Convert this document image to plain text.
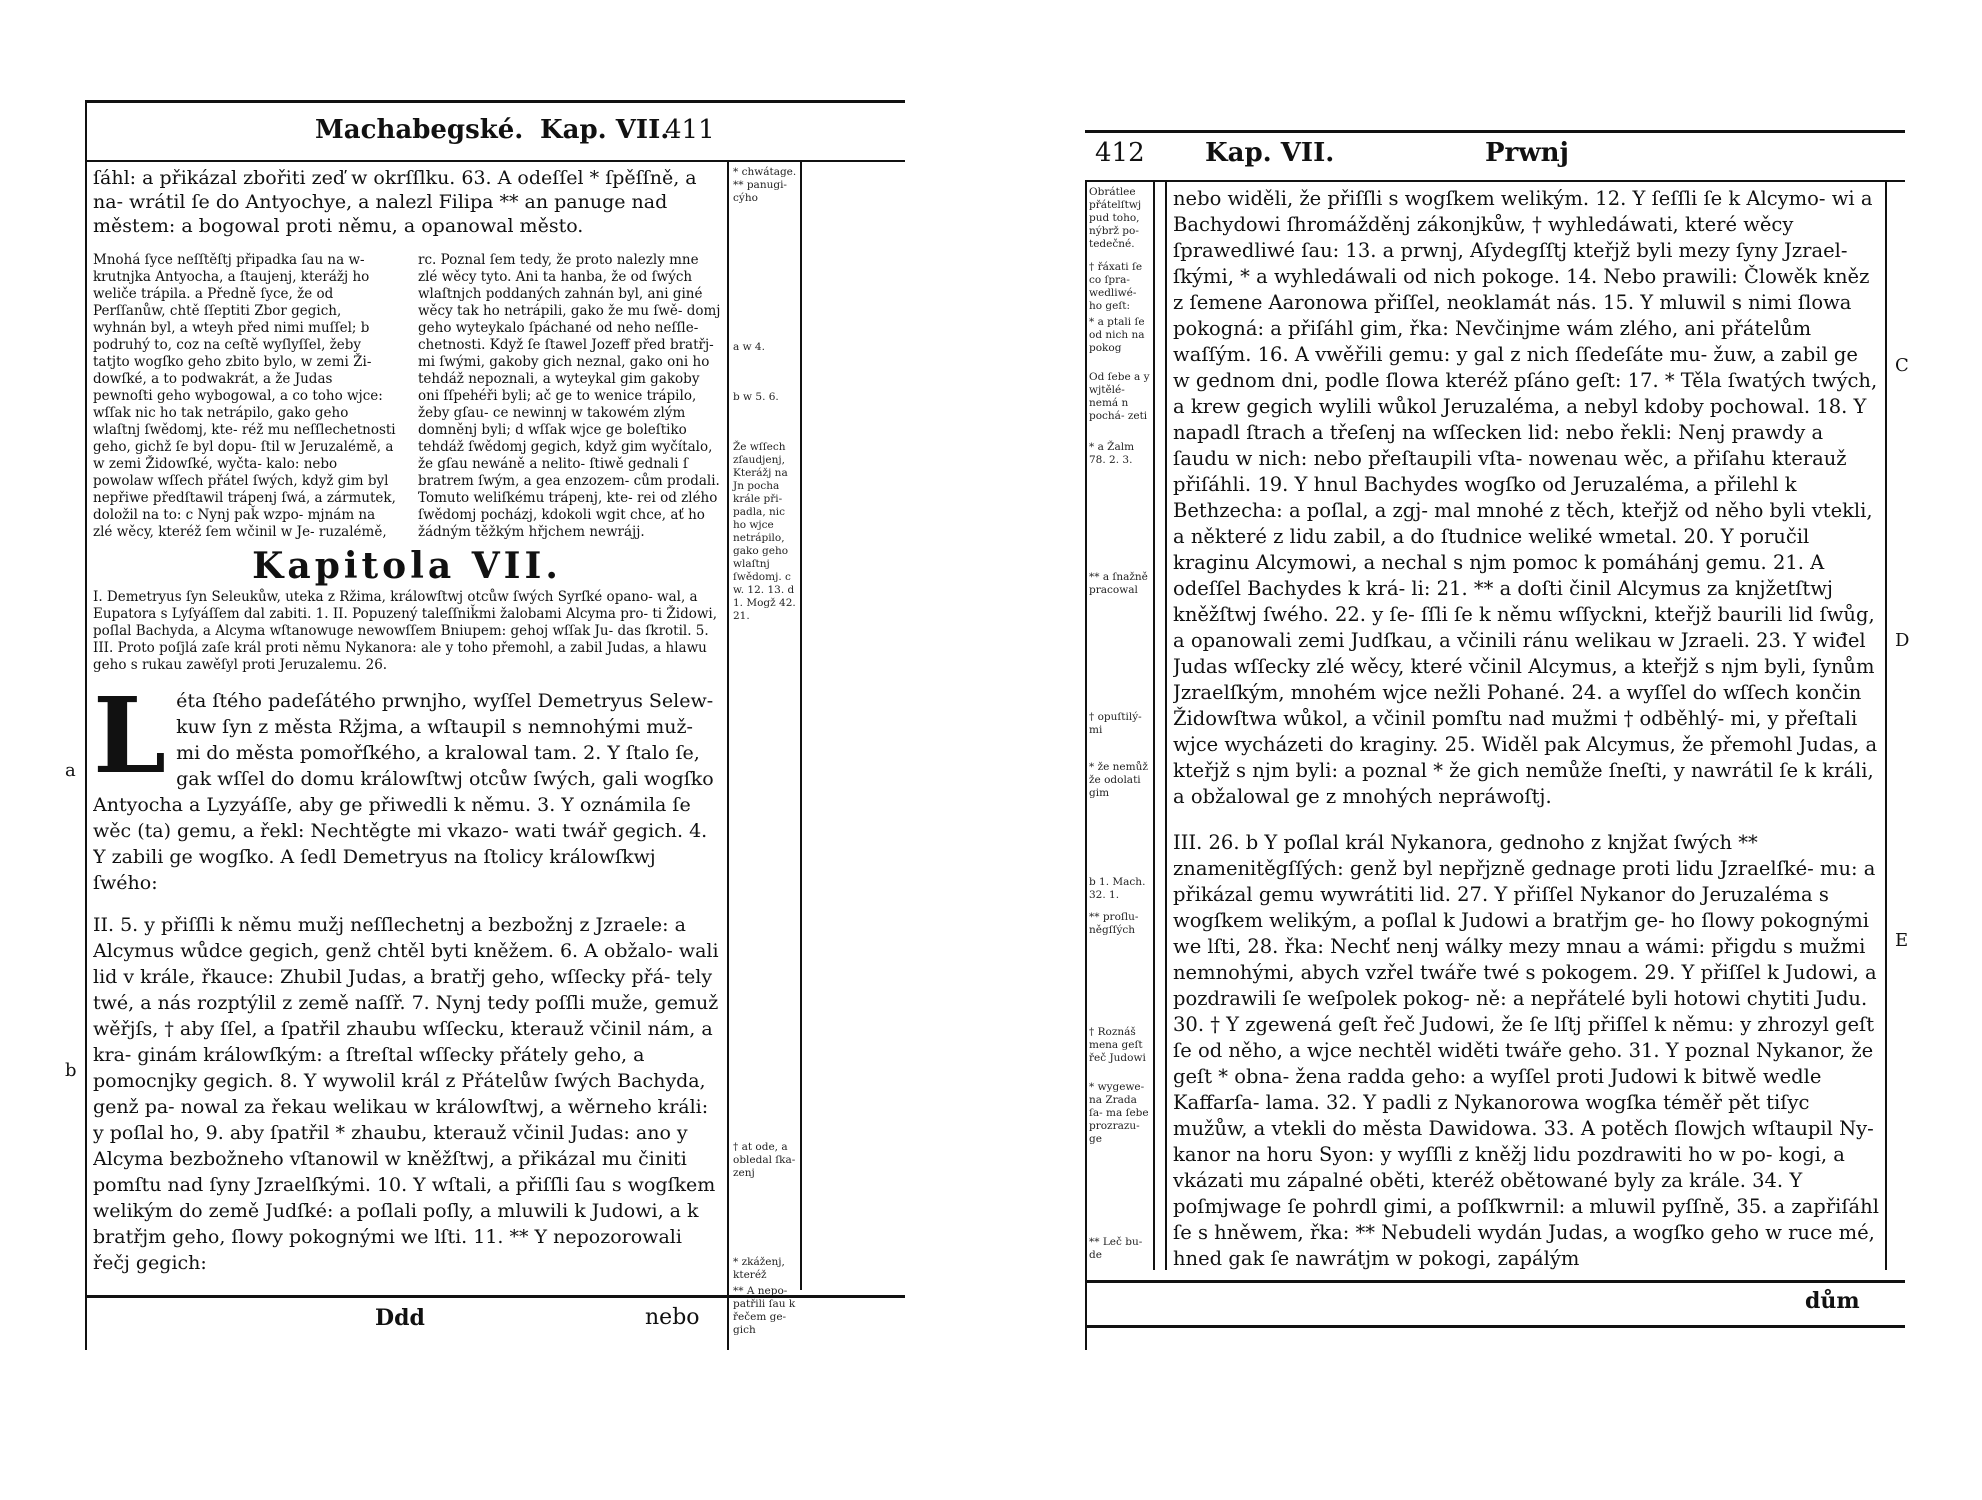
Machabegské. Kap. VII.
411

ſáhl: a přikázal zbořiti zeď w okrſſlku. 63. A odeſſel * ſpěſſně, a na- wrátil ſe do Antyochye, a nalezl Filipa ** an panuge nad městem: a bogowal proti němu, a opanowal město.

Mnohá ſyce neſſtěſtj připadka ſau na w- krutnjka Antyocha, a ſtaujenj, kterážj ho weliče trápila. a Předně ſyce, že od Perſſanůw, chtě ſſeptiti Zbor gegich, wyhnán byl, a wteyh před nimi muſſel; b podruhý to, coz na ceſtě wyſlyſſel, žeby tatjto wogſko geho zbito bylo, w zemi Ži- dowſké, a to podwakrát, a že Judas pewnoſti geho wybogowal, a co toho wjce: wſſak nic ho tak netrápilo, gako geho wlaſtnj ſwědomj, kte- réž mu neſſlechetnosti geho, gichž ſe byl dopu- ſtil w Jeruzalémě, a w zemi Židowſké, wyčta- kalo: nebo powolaw wſſech přátel ſwých, když gim byl nepřiwe předſtawil trápenj ſwá, a zármutek, doložil na to: c Nynj paǩ wzpo- mjnám na zlé wěcy, kteréž ſem wčinil w Je- ruzalémě, rc. Poznal ſem tedy, že proto nalezly mne zlé wěcy tyto. Ani ta hanba, že od ſwých wlaſtnjch poddaných zahnán byl, ani giné wěcy tak ho netrápili, gako že mu ſwě- domj geho wyteykalo ſpáchané od neho neſſle- chetnosti. Když ſe ſtawel Jozeff před bratřj- mi ſwými, gakoby gich neznal, gako oni ho tehdáž nepoznali, a wyteykal gim gakoby oni ſſpehéři byli; ač ge to wenice trápilo, žeby gſau- ce newinnj w takowém zlým domněnj byli; d wſſak wjce ge boleſtiko tehdáž ſwědomj gegich, když gim wyčítalo, že gſau newáně a nelito- ſtiwě gednali ſ bratrem ſwým, a gea enzozem- cům prodali. Tomuto weliſkému trápenj, kte- rei od zlého ſwědomj pocházj, kdokoli wgit chce, ať ho žádným těžkým hřjchem newrájj.
Kapitola VII.
I. Demetryus ſyn Seleukůw, uteka z Ržima, králowſtwj otcůw ſwých Syrſké opano- wal, a Eupatora s Lyſyáſſem dal zabiti. 1. II. Popuzený taleſſniǩmi žalobami Alcyma pro- ti Židowi, poſlal Bachyda, a Alcyma wſtanowuge newowſſem Bniupem: gehoj wſſak Ju- das ſkrotil. 5. III. Proto poſjlá zaſe král proti němu Nykanora: ale y toho přemohl, a zabil Judas, a hlawu geho s rukau zawěſyl proti Jeruzalemu. 26.

Léta ſtého padeſátého prwnjho, wyſſel Demetryus Selew- kuw ſyn z města Ržjma, a wſtaupil s nemnohými muž- mi do města pomořſkého, a kralowal tam. 2. Y ſtalo ſe, gak wſſel do domu králowſtwj otcůw ſwých, gali wogſko Antyocha a Lyzyáſſe, aby ge přiwedli k němu. 3. Y oznámila ſe wěc (ta) gemu, a řekl: Nechtěgte mi vkazo- wati twář gegich. 4. Y zabili ge wogſko. A ſedl Demetryus na ſtolicy králowſkwj ſwého:

II. 5. y přiſſli k němu mužj neſſlechetnj a bezbožnj z Jzraele: a Alcymus wůdce gegich, genž chtěl byti kněžem. 6. A obžalo- wali lid v krále, řkauce: Zhubil Judas, a bratřj geho, wſſecky přá- tely twé, a nás rozptýlil z země naſſř. 7. Nynj tedy poſſli muže, gemuž wěřjſs, † aby ſſel, a ſpatřil zhaubu wſſecku, kterauž včinil nám, a kra- ginám králowſkým: a ſtreſtal wſſecky přátely geho, a pomocnjky gegich. 8. Y wywolil král z Přátelůw ſwých Bachyda, genž pa- nowal za řekau welikau w králowſtwj, a wěrneho králi: y poſlal ho, 9. aby ſpatřil * zhaubu, kterauž včinil Judas: ano y Alcyma bezbožneho vſtanowil w kněžſtwj, a přikázal mu činiti pomſtu nad ſyny Jzraelſkými. 10. Y wſtali, a přiſſli ſau s wogſkem welikým do země Judſké: a poſlali poſly, a mluwili k Judowi, a k bratřjm geho, ſlowy pokognými we lſti. 11. ** Y nepozorowali řečj gegich:

a
b
* chwátage. ** panugi- cýho
a w 4.
b w 5. 6.
Že wſſech zſaudjenj, Kterážj na Jn pocha krále při- padla, nic ho wjce netrápilo, gako geho wlaſtnj ſwědomj. c w. 12. 13. d 1. Mogž 42. 21.
† at ode, a obledal ſka- zenj
* zkáženj, kteréž
** A nepo- patřili ſau k řečem ge- gich
Ddd	nebo
412 Kap. VII.	Prwnj
Obrátlee přátelſtwj pud toho, nýbrž po- tedečné.
† řáxati ſe co ſpra- wedliwé- ho geſt:
* a ptali ſe od nich na pokog
Od ſebe a y wjtělé- nemá n pochá- zeti
* a Žalm 78. 2. 3.
** a ſnažně pracowal
† opuſtilý- mi
* že nemůž že odolati gim
b 1. Mach. 32. 1.
** proſlu- něgſſých
† Roznáš mena geſt řeč Judowi
* wygewe- na Zrada ſa- ma ſebe prozrazu- ge
** Leč bu- de

nebo widěli, že přiſſli s wogſkem welikým. 12. Y ſeſſli ſe k Alcymo- wi a Bachydowi ſhromážděnj zákonjkůw, † wyhledáwati, které wěcy ſprawedliwé ſau: 13. a prwnj, Aſydegſſtj kteřjž byli mezy ſyny Jzrael- ſkými, * a wyhledáwali od nich pokoge. 14. Nebo prawili: Člowěk kněz z ſemene Aaronowa přiſſel, neoklamát nás. 15. Y mluwil s nimi ſlowa pokogná: a přiſáhl gim, řka: Nevčinjme wám zlého, ani přátelům waſſým. 16. A vwěřili gemu: y gal z nich ſſedeſáte mu- žuw, a zabil ge w gednom dni, podle ſlowa kteréž pſáno geſt: 17. * Těla ſwatých twých, a krew gegich wylili wůkol Jeruzaléma, a nebyl kdoby pochowal. 18. Y napadl ſtrach a třeſenj na wſſecken lid: nebo řekli: Nenj prawdy a ſaudu w nich: nebo přeſtaupili vſta- nowenau wěc, a přiſahu kterauž přiſáhli. 19. Y hnul Bachydes wogſko od Jeruzaléma, a přilehl k Bethzecha: a poſlal, a zgj- mal mnohé z těch, kteřjž od něho byli vtekli, a některé z lidu zabil, a do ſtudnice weliké wmetal. 20. Y poručil kraginu Alcymowi, a nechal s njm pomoc k pomáhánj gemu. 21. A odeſſel Bachydes k krá- li: 21. ** a doſti činil Alcymus za knjžetſtwj kněžſtwj ſwého. 22. y ſe- ſſli ſe k němu wſſyckni, kteřjž baurili lid ſwůg, a opanowali zemi Judſkau, a včinili ránu welikau w Jzraeli. 23. Y wiđel Judas wſſecky zlé wěcy, které včinil Alcymus, a kteřjž s njm byli, ſynům Jzraelſkým, mnohém wjce nežli Pohané. 24. a wyſſel do wſſech končin Židowſtwa wůkol, a včinil pomſtu nad mužmi † odběhlý- mi, y přeſtali wjce wycházeti do kraginy. 25. Widěl pak Alcymus, že přemohl Judas, a kteřjž s njm byli: a poznal * že gich nemůže ſneſti, y nawrátil ſe k králi, a obžalowal ge z mnohých nepráwoſtj.

III. 26. b Y poſlal král Nykanora, gednoho z knjžat ſwých ** znamenitěgſſých: genž byl nepřjzně gednage proti lidu Jzraelſké- mu: a přikázal gemu wywrátiti lid. 27. Y přiſſel Nykanor do Jeruzaléma s wogſkem welikým, a poſlal k Judowi a bratřjm ge- ho ſlowy pokognými we lſti, 28. řka: Nechť nenj wálky mezy mnau a wámi: přigdu s mužmi nemnohými, abych vzřel twáře twé s pokogem. 29. Y přiſſel k Judowi, a pozdrawili ſe weſpolek pokog- ně: a nepřátelé byli hotowi chytiti Judu. 30. † Y zgewená geſt řeč Judowi, že ſe lſtj přiſſel k němu: y zhrozyl geſt ſe od něho, a wjce nechtěl widěti twáře geho. 31. Y poznal Nykanor, že geſt * obna- žena radda geho: a wyſſel proti Judowi k bitwě wedle Kaffarſa- lama. 32. Y padli z Nykanorowa wogſka téměř pět tiſyc mužůw, a vtekli do města Dawidowa. 33. A potěch ſlowjch wſtaupil Ny- kanor na horu Syon: y wyſſli z kněžj lidu pozdrawiti ho w po- kogi, a vkázati mu zápalné oběti, kteréž obětowané byly za krále. 34. Y poſmjwage ſe pohrdl gimi, a poſſkwrnil: a mluwil pyſſně, 35. a zapřiſáhl ſe s hněwem, řka: ** Nebudeli wydán Judas, a wogſko geho w ruce mé, hned gak ſe nawrátjm w pokogi, zapálým

C
D
E
dům
